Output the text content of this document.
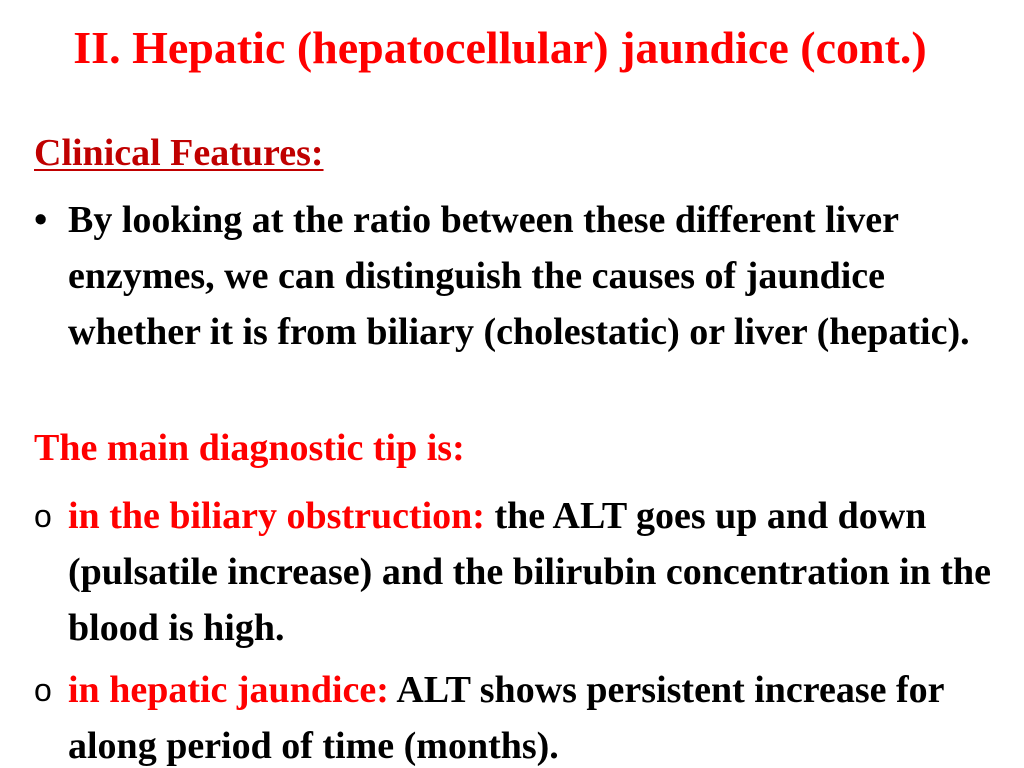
II. Hepatic (hepatocellular) jaundice (cont.)
Clinical Features:
• By looking at the ratio between these different liver enzymes, we can distinguish the causes of jaundice whether it is from biliary (cholestatic) or liver (hepatic).
The main diagnostic tip is:
o in the biliary obstruction: the ALT goes up and down (pulsatile increase) and the bilirubin concentration in the blood is high.
o in hepatic jaundice: ALT shows persistent increase for along period of time (months).
